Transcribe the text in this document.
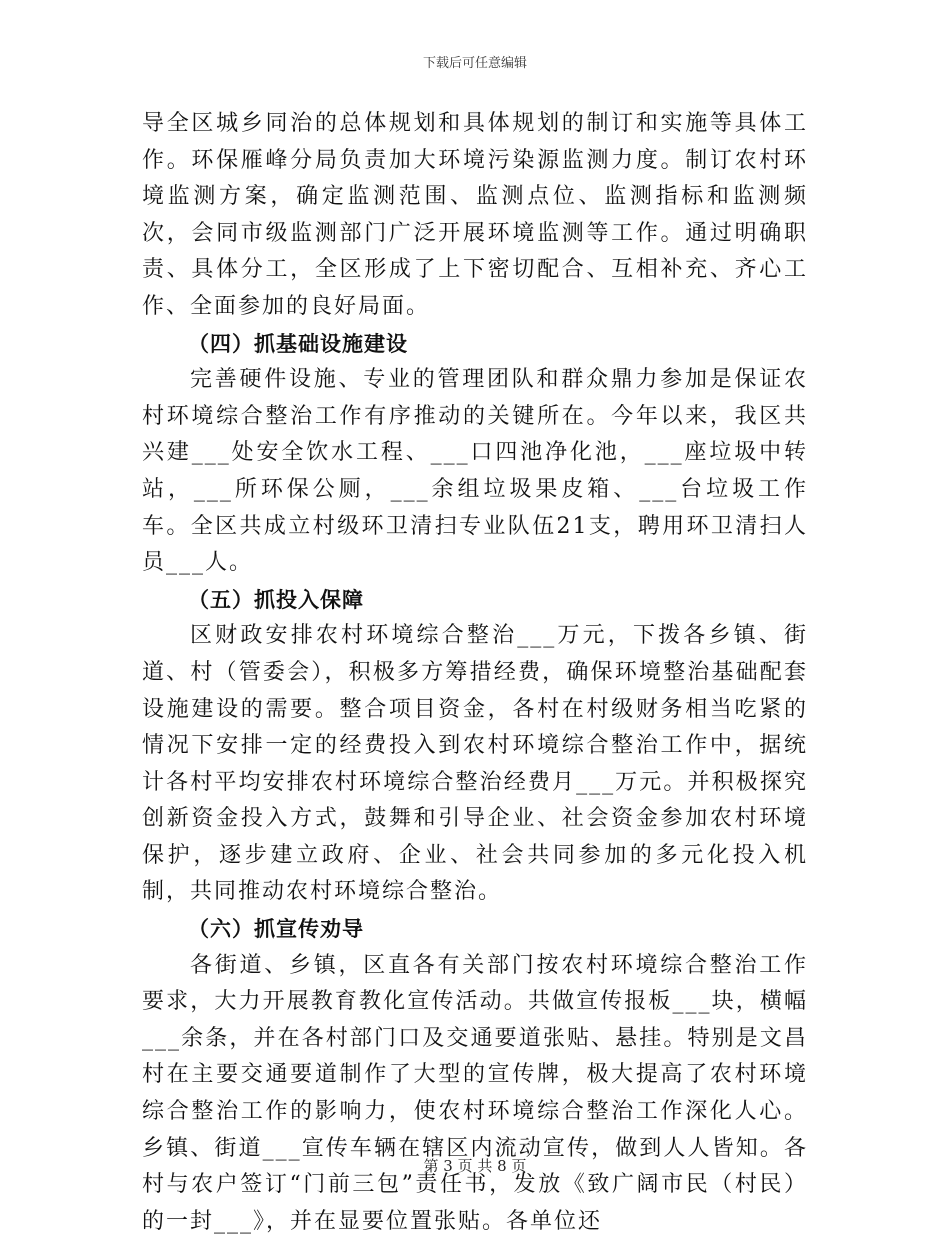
下载后可任意编辑

导全区城乡同治的总体规划和具体规划的制订和实施等具体工作。环保雁峰分局负责加大环境污染源监测力度。制订农村环境监测方案，确定监测范围、监测点位、监测指标和监测频次，会同市级监测部门广泛开展环境监测等工作。通过明确职责、具体分工，全区形成了上下密切配合、互相补充、齐心工作、全面参加的良好局面。

（四）抓基础设施建设

完善硬件设施、专业的管理团队和群众鼎力参加是保证农村环境综合整治工作有序推动的关键所在。今年以来，我区共兴建___处安全饮水工程、___口四池净化池，___座垃圾中转站，___所环保公厕，___余组垃圾果皮箱、___台垃圾工作车。全区共成立村级环卫清扫专业队伍21支，聘用环卫清扫人员___人。

（五）抓投入保障

区财政安排农村环境综合整治___万元，下拨各乡镇、街道、村（管委会），积极多方筹措经费，确保环境整治基础配套设施建设的需要。整合项目资金，各村在村级财务相当吃紧的情况下安排一定的经费投入到农村环境综合整治工作中，据统计各村平均安排农村环境综合整治经费月___万元。并积极探究创新资金投入方式，鼓舞和引导企业、社会资金参加农村环境保护，逐步建立政府、企业、社会共同参加的多元化投入机制，共同推动农村环境综合整治。

（六）抓宣传劝导

各街道、乡镇，区直各有关部门按农村环境综合整治工作要求，大力开展教育教化宣传活动。共做宣传报板___块，横幅___余条，并在各村部门口及交通要道张贴、悬挂。特别是文昌村在主要交通要道制作了大型的宣传牌，极大提高了农村环境综合整治工作的影响力，使农村环境综合整治工作深化人心。乡镇、街道___宣传车辆在辖区内流动宣传，做到人人皆知。各村与农户签订“门前三包”责任书，发放《致广阔市民（村民）的一封___》，并在显要位置张贴。各单位还

第 3 页 共 8 页
